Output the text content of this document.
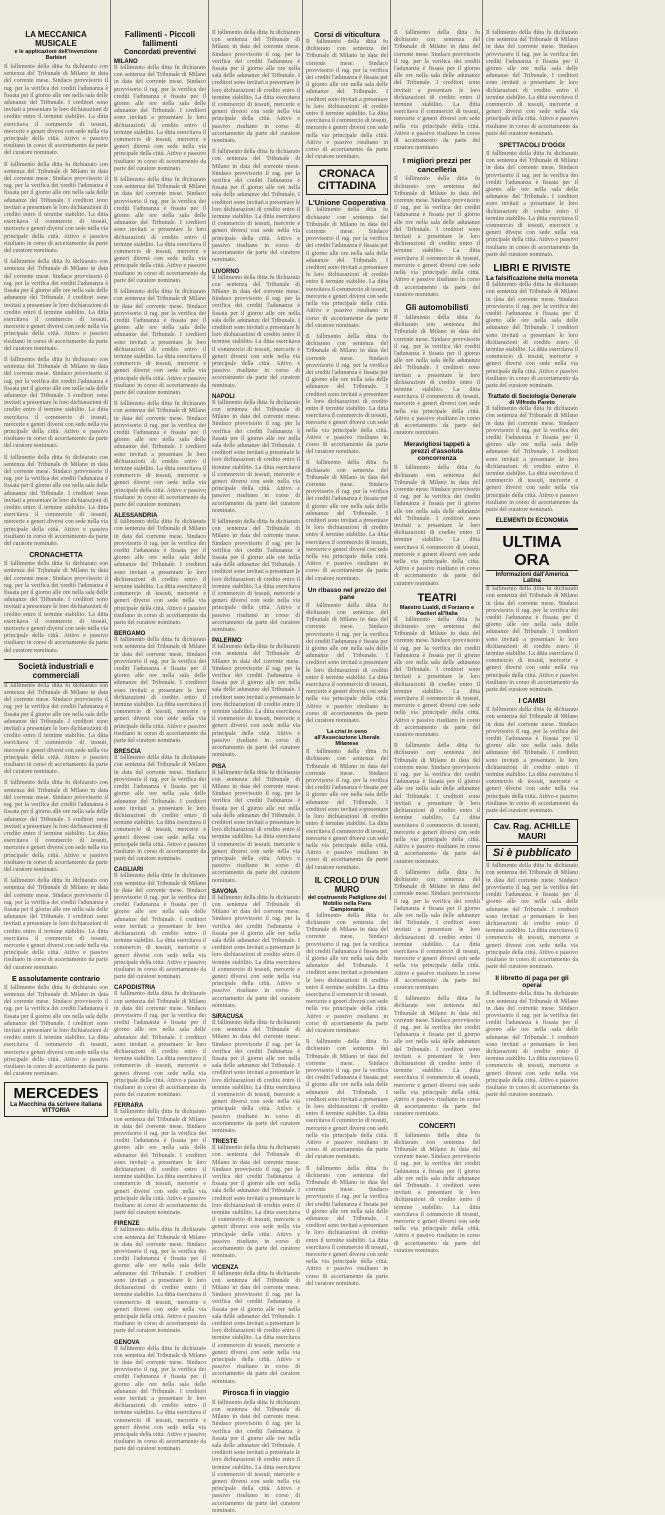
LA MECCANICA MUSICALE
e le applicazioni dell'invenzione Barbieri

Il fallimento della ditta fu dichiarato con sentenza del Tribunale di Milano in data del corrente mese. Sindaco provvisorio il rag. per la verifica dei crediti l'adunanza è fissata per il giorno alle ore nella sala delle adunanze del Tribunale. I creditori sono invitati a presentare le loro dichiarazioni di credito entro il termine stabilito. La ditta esercitava il commercio di tessuti, mercerie e generi diversi con sede nella via principale della città. Attivo e passivo risultano in corso di accertamento da parte del curatore nominato.

Il fallimento della ditta fu dichiarato con sentenza del Tribunale di Milano in data del corrente mese. Sindaco provvisorio il rag. per la verifica dei crediti l'adunanza è fissata per il giorno alle ore nella sala delle adunanze del Tribunale. I creditori sono invitati a presentare le loro dichiarazioni di credito entro il termine stabilito. La ditta esercitava il commercio di tessuti, mercerie e generi diversi con sede nella via principale della città. Attivo e passivo risultano in corso di accertamento da parte del curatore nominato.

Il fallimento della ditta fu dichiarato con sentenza del Tribunale di Milano in data del corrente mese. Sindaco provvisorio il rag. per la verifica dei crediti l'adunanza è fissata per il giorno alle ore nella sala delle adunanze del Tribunale. I creditori sono invitati a presentare le loro dichiarazioni di credito entro il termine stabilito. La ditta esercitava il commercio di tessuti, mercerie e generi diversi con sede nella via principale della città. Attivo e passivo risultano in corso di accertamento da parte del curatore nominato.

Il fallimento della ditta fu dichiarato con sentenza del Tribunale di Milano in data del corrente mese. Sindaco provvisorio il rag. per la verifica dei crediti l'adunanza è fissata per il giorno alle ore nella sala delle adunanze del Tribunale. I creditori sono invitati a presentare le loro dichiarazioni di credito entro il termine stabilito. La ditta esercitava il commercio di tessuti, mercerie e generi diversi con sede nella via principale della città. Attivo e passivo risultano in corso di accertamento da parte del curatore nominato.

Il fallimento della ditta fu dichiarato con sentenza del Tribunale di Milano in data del corrente mese. Sindaco provvisorio il rag. per la verifica dei crediti l'adunanza è fissata per il giorno alle ore nella sala delle adunanze del Tribunale. I creditori sono invitati a presentare le loro dichiarazioni di credito entro il termine stabilito. La ditta esercitava il commercio di tessuti, mercerie e generi diversi con sede nella via principale della città. Attivo e passivo risultano in corso di accertamento da parte del curatore nominato.

CRONACHETTA

Il fallimento della ditta fu dichiarato con sentenza del Tribunale di Milano in data del corrente mese. Sindaco provvisorio il rag. per la verifica dei crediti l'adunanza è fissata per il giorno alle ore nella sala delle adunanze del Tribunale. I creditori sono invitati a presentare le loro dichiarazioni di credito entro il termine stabilito. La ditta esercitava il commercio di tessuti, mercerie e generi diversi con sede nella via principale della città. Attivo e passivo risultano in corso di accertamento da parte del curatore nominato.

Società industriali e commerciali

Il fallimento della ditta fu dichiarato con sentenza del Tribunale di Milano in data del corrente mese. Sindaco provvisorio il rag. per la verifica dei crediti l'adunanza è fissata per il giorno alle ore nella sala delle adunanze del Tribunale. I creditori sono invitati a presentare le loro dichiarazioni di credito entro il termine stabilito. La ditta esercitava il commercio di tessuti, mercerie e generi diversi con sede nella via principale della città. Attivo e passivo risultano in corso di accertamento da parte del curatore nominato.

Il fallimento della ditta fu dichiarato con sentenza del Tribunale di Milano in data del corrente mese. Sindaco provvisorio il rag. per la verifica dei crediti l'adunanza è fissata per il giorno alle ore nella sala delle adunanze del Tribunale. I creditori sono invitati a presentare le loro dichiarazioni di credito entro il termine stabilito. La ditta esercitava il commercio di tessuti, mercerie e generi diversi con sede nella via principale della città. Attivo e passivo risultano in corso di accertamento da parte del curatore nominato.

Il fallimento della ditta fu dichiarato con sentenza del Tribunale di Milano in data del corrente mese. Sindaco provvisorio il rag. per la verifica dei crediti l'adunanza è fissata per il giorno alle ore nella sala delle adunanze del Tribunale. I creditori sono invitati a presentare le loro dichiarazioni di credito entro il termine stabilito. La ditta esercitava il commercio di tessuti, mercerie e generi diversi con sede nella via principale della città. Attivo e passivo risultano in corso di accertamento da parte del curatore nominato.

E assolutamente contrario

Il fallimento della ditta fu dichiarato con sentenza del Tribunale di Milano in data del corrente mese. Sindaco provvisorio il rag. per la verifica dei crediti l'adunanza è fissata per il giorno alle ore nella sala delle adunanze del Tribunale. I creditori sono invitati a presentare le loro dichiarazioni di credito entro il termine stabilito. La ditta esercitava il commercio di tessuti, mercerie e generi diversi con sede nella via principale della città. Attivo e passivo risultano in corso di accertamento da parte del curatore nominato.

MERCEDES
La Macchina da scrivere italiana
VITTORIA
Fallimenti - Piccoli fallimenti
Concordati preventivi
MILANO

Il fallimento della ditta fu dichiarato con sentenza del Tribunale di Milano in data del corrente mese. Sindaco provvisorio il rag. per la verifica dei crediti l'adunanza è fissata per il giorno alle ore nella sala delle adunanze del Tribunale. I creditori sono invitati a presentare le loro dichiarazioni di credito entro il termine stabilito. La ditta esercitava il commercio di tessuti, mercerie e generi diversi con sede nella via principale della città. Attivo e passivo risultano in corso di accertamento da parte del curatore nominato.

Il fallimento della ditta fu dichiarato con sentenza del Tribunale di Milano in data del corrente mese. Sindaco provvisorio il rag. per la verifica dei crediti l'adunanza è fissata per il giorno alle ore nella sala delle adunanze del Tribunale. I creditori sono invitati a presentare le loro dichiarazioni di credito entro il termine stabilito. La ditta esercitava il commercio di tessuti, mercerie e generi diversi con sede nella via principale della città. Attivo e passivo risultano in corso di accertamento da parte del curatore nominato.

Il fallimento della ditta fu dichiarato con sentenza del Tribunale di Milano in data del corrente mese. Sindaco provvisorio il rag. per la verifica dei crediti l'adunanza è fissata per il giorno alle ore nella sala delle adunanze del Tribunale. I creditori sono invitati a presentare le loro dichiarazioni di credito entro il termine stabilito. La ditta esercitava il commercio di tessuti, mercerie e generi diversi con sede nella via principale della città. Attivo e passivo risultano in corso di accertamento da parte del curatore nominato.

Il fallimento della ditta fu dichiarato con sentenza del Tribunale di Milano in data del corrente mese. Sindaco provvisorio il rag. per la verifica dei crediti l'adunanza è fissata per il giorno alle ore nella sala delle adunanze del Tribunale. I creditori sono invitati a presentare le loro dichiarazioni di credito entro il termine stabilito. La ditta esercitava il commercio di tessuti, mercerie e generi diversi con sede nella via principale della città. Attivo e passivo risultano in corso di accertamento da parte del curatore nominato.

ALESSANDRIA

Il fallimento della ditta fu dichiarato con sentenza del Tribunale di Milano in data del corrente mese. Sindaco provvisorio il rag. per la verifica dei crediti l'adunanza è fissata per il giorno alle ore nella sala delle adunanze del Tribunale. I creditori sono invitati a presentare le loro dichiarazioni di credito entro il termine stabilito. La ditta esercitava il commercio di tessuti, mercerie e generi diversi con sede nella via principale della città. Attivo e passivo risultano in corso di accertamento da parte del curatore nominato.

BERGAMO

Il fallimento della ditta fu dichiarato con sentenza del Tribunale di Milano in data del corrente mese. Sindaco provvisorio il rag. per la verifica dei crediti l'adunanza è fissata per il giorno alle ore nella sala delle adunanze del Tribunale. I creditori sono invitati a presentare le loro dichiarazioni di credito entro il termine stabilito. La ditta esercitava il commercio di tessuti, mercerie e generi diversi con sede nella via principale della città. Attivo e passivo risultano in corso di accertamento da parte del curatore nominato.

BRESCIA

Il fallimento della ditta fu dichiarato con sentenza del Tribunale di Milano in data del corrente mese. Sindaco provvisorio il rag. per la verifica dei crediti l'adunanza è fissata per il giorno alle ore nella sala delle adunanze del Tribunale. I creditori sono invitati a presentare le loro dichiarazioni di credito entro il termine stabilito. La ditta esercitava il commercio di tessuti, mercerie e generi diversi con sede nella via principale della città. Attivo e passivo risultano in corso di accertamento da parte del curatore nominato.

CAGLIARI

Il fallimento della ditta fu dichiarato con sentenza del Tribunale di Milano in data del corrente mese. Sindaco provvisorio il rag. per la verifica dei crediti l'adunanza è fissata per il giorno alle ore nella sala delle adunanze del Tribunale. I creditori sono invitati a presentare le loro dichiarazioni di credito entro il termine stabilito. La ditta esercitava il commercio di tessuti, mercerie e generi diversi con sede nella via principale della città. Attivo e passivo risultano in corso di accertamento da parte del curatore nominato.

CAPODISTRIA

Il fallimento della ditta fu dichiarato con sentenza del Tribunale di Milano in data del corrente mese. Sindaco provvisorio il rag. per la verifica dei crediti l'adunanza è fissata per il giorno alle ore nella sala delle adunanze del Tribunale. I creditori sono invitati a presentare le loro dichiarazioni di credito entro il termine stabilito. La ditta esercitava il commercio di tessuti, mercerie e generi diversi con sede nella via principale della città. Attivo e passivo risultano in corso di accertamento da parte del curatore nominato.

FERRARA

Il fallimento della ditta fu dichiarato con sentenza del Tribunale di Milano in data del corrente mese. Sindaco provvisorio il rag. per la verifica dei crediti l'adunanza è fissata per il giorno alle ore nella sala delle adunanze del Tribunale. I creditori sono invitati a presentare le loro dichiarazioni di credito entro il termine stabilito. La ditta esercitava il commercio di tessuti, mercerie e generi diversi con sede nella via principale della città. Attivo e passivo risultano in corso di accertamento da parte del curatore nominato.

FIRENZE

Il fallimento della ditta fu dichiarato con sentenza del Tribunale di Milano in data del corrente mese. Sindaco provvisorio il rag. per la verifica dei crediti l'adunanza è fissata per il giorno alle ore nella sala delle adunanze del Tribunale. I creditori sono invitati a presentare le loro dichiarazioni di credito entro il termine stabilito. La ditta esercitava il commercio di tessuti, mercerie e generi diversi con sede nella via principale della città. Attivo e passivo risultano in corso di accertamento da parte del curatore nominato.

GENOVA

Il fallimento della ditta fu dichiarato con sentenza del Tribunale di Milano in data del corrente mese. Sindaco provvisorio il rag. per la verifica dei crediti l'adunanza è fissata per il giorno alle ore nella sala delle adunanze del Tribunale. I creditori sono invitati a presentare le loro dichiarazioni di credito entro il termine stabilito. La ditta esercitava il commercio di tessuti, mercerie e generi diversi con sede nella via principale della città. Attivo e passivo risultano in corso di accertamento da parte del curatore nominato.

Il fallimento della ditta fu dichiarato con sentenza del Tribunale di Milano in data del corrente mese. Sindaco provvisorio il rag. per la verifica dei crediti l'adunanza è fissata per il giorno alle ore nella sala delle adunanze del Tribunale. I creditori sono invitati a presentare le loro dichiarazioni di credito entro il termine stabilito. La ditta esercitava il commercio di tessuti, mercerie e generi diversi con sede nella via principale della città. Attivo e passivo risultano in corso di accertamento da parte del curatore nominato.

Il fallimento della ditta fu dichiarato con sentenza del Tribunale di Milano in data del corrente mese. Sindaco provvisorio il rag. per la verifica dei crediti l'adunanza è fissata per il giorno alle ore nella sala delle adunanze del Tribunale. I creditori sono invitati a presentare le loro dichiarazioni di credito entro il termine stabilito. La ditta esercitava il commercio di tessuti, mercerie e generi diversi con sede nella via principale della città. Attivo e passivo risultano in corso di accertamento da parte del curatore nominato.

LIVORNO

Il fallimento della ditta fu dichiarato con sentenza del Tribunale di Milano in data del corrente mese. Sindaco provvisorio il rag. per la verifica dei crediti l'adunanza è fissata per il giorno alle ore nella sala delle adunanze del Tribunale. I creditori sono invitati a presentare le loro dichiarazioni di credito entro il termine stabilito. La ditta esercitava il commercio di tessuti, mercerie e generi diversi con sede nella via principale della città. Attivo e passivo risultano in corso di accertamento da parte del curatore nominato.

NAPOLI

Il fallimento della ditta fu dichiarato con sentenza del Tribunale di Milano in data del corrente mese. Sindaco provvisorio il rag. per la verifica dei crediti l'adunanza è fissata per il giorno alle ore nella sala delle adunanze del Tribunale. I creditori sono invitati a presentare le loro dichiarazioni di credito entro il termine stabilito. La ditta esercitava il commercio di tessuti, mercerie e generi diversi con sede nella via principale della città. Attivo e passivo risultano in corso di accertamento da parte del curatore nominato.

Il fallimento della ditta fu dichiarato con sentenza del Tribunale di Milano in data del corrente mese. Sindaco provvisorio il rag. per la verifica dei crediti l'adunanza è fissata per il giorno alle ore nella sala delle adunanze del Tribunale. I creditori sono invitati a presentare le loro dichiarazioni di credito entro il termine stabilito. La ditta esercitava il commercio di tessuti, mercerie e generi diversi con sede nella via principale della città. Attivo e passivo risultano in corso di accertamento da parte del curatore nominato.

PALERMO

Il fallimento della ditta fu dichiarato con sentenza del Tribunale di Milano in data del corrente mese. Sindaco provvisorio il rag. per la verifica dei crediti l'adunanza è fissata per il giorno alle ore nella sala delle adunanze del Tribunale. I creditori sono invitati a presentare le loro dichiarazioni di credito entro il termine stabilito. La ditta esercitava il commercio di tessuti, mercerie e generi diversi con sede nella via principale della città. Attivo e passivo risultano in corso di accertamento da parte del curatore nominato.

PISA

Il fallimento della ditta fu dichiarato con sentenza del Tribunale di Milano in data del corrente mese. Sindaco provvisorio il rag. per la verifica dei crediti l'adunanza è fissata per il giorno alle ore nella sala delle adunanze del Tribunale. I creditori sono invitati a presentare le loro dichiarazioni di credito entro il termine stabilito. La ditta esercitava il commercio di tessuti, mercerie e generi diversi con sede nella via principale della città. Attivo e passivo risultano in corso di accertamento da parte del curatore nominato.

SAVONA

Il fallimento della ditta fu dichiarato con sentenza del Tribunale di Milano in data del corrente mese. Sindaco provvisorio il rag. per la verifica dei crediti l'adunanza è fissata per il giorno alle ore nella sala delle adunanze del Tribunale. I creditori sono invitati a presentare le loro dichiarazioni di credito entro il termine stabilito. La ditta esercitava il commercio di tessuti, mercerie e generi diversi con sede nella via principale della città. Attivo e passivo risultano in corso di accertamento da parte del curatore nominato.

SIRACUSA

Il fallimento della ditta fu dichiarato con sentenza del Tribunale di Milano in data del corrente mese. Sindaco provvisorio il rag. per la verifica dei crediti l'adunanza è fissata per il giorno alle ore nella sala delle adunanze del Tribunale. I creditori sono invitati a presentare le loro dichiarazioni di credito entro il termine stabilito. La ditta esercitava il commercio di tessuti, mercerie e generi diversi con sede nella via principale della città. Attivo e passivo risultano in corso di accertamento da parte del curatore nominato.

TRIESTE

Il fallimento della ditta fu dichiarato con sentenza del Tribunale di Milano in data del corrente mese. Sindaco provvisorio il rag. per la verifica dei crediti l'adunanza è fissata per il giorno alle ore nella sala delle adunanze del Tribunale. I creditori sono invitati a presentare le loro dichiarazioni di credito entro il termine stabilito. La ditta esercitava il commercio di tessuti, mercerie e generi diversi con sede nella via principale della città. Attivo e passivo risultano in corso di accertamento da parte del curatore nominato.

VICENZA

Il fallimento della ditta fu dichiarato con sentenza del Tribunale di Milano in data del corrente mese. Sindaco provvisorio il rag. per la verifica dei crediti l'adunanza è fissata per il giorno alle ore nella sala delle adunanze del Tribunale. I creditori sono invitati a presentare le loro dichiarazioni di credito entro il termine stabilito. La ditta esercitava il commercio di tessuti, mercerie e generi diversi con sede nella via principale della città. Attivo e passivo risultano in corso di accertamento da parte del curatore nominato.

Pirosca fi in viaggio

Il fallimento della ditta fu dichiarato con sentenza del Tribunale di Milano in data del corrente mese. Sindaco provvisorio il rag. per la verifica dei crediti l'adunanza è fissata per il giorno alle ore nella sala delle adunanze del Tribunale. I creditori sono invitati a presentare le loro dichiarazioni di credito entro il termine stabilito. La ditta esercitava il commercio di tessuti, mercerie e generi diversi con sede nella via principale della città. Attivo e passivo risultano in corso di accertamento da parte del curatore nominato.

Corsi di viticultura

Il fallimento della ditta fu dichiarato con sentenza del Tribunale di Milano in data del corrente mese. Sindaco provvisorio il rag. per la verifica dei crediti l'adunanza è fissata per il giorno alle ore nella sala delle adunanze del Tribunale. I creditori sono invitati a presentare le loro dichiarazioni di credito entro il termine stabilito. La ditta esercitava il commercio di tessuti, mercerie e generi diversi con sede nella via principale della città. Attivo e passivo risultano in corso di accertamento da parte del curatore nominato.

CRONACA CITTADINA
L'Unione Cooperativa

Il fallimento della ditta fu dichiarato con sentenza del Tribunale di Milano in data del corrente mese. Sindaco provvisorio il rag. per la verifica dei crediti l'adunanza è fissata per il giorno alle ore nella sala delle adunanze del Tribunale. I creditori sono invitati a presentare le loro dichiarazioni di credito entro il termine stabilito. La ditta esercitava il commercio di tessuti, mercerie e generi diversi con sede nella via principale della città. Attivo e passivo risultano in corso di accertamento da parte del curatore nominato.

Il fallimento della ditta fu dichiarato con sentenza del Tribunale di Milano in data del corrente mese. Sindaco provvisorio il rag. per la verifica dei crediti l'adunanza è fissata per il giorno alle ore nella sala delle adunanze del Tribunale. I creditori sono invitati a presentare le loro dichiarazioni di credito entro il termine stabilito. La ditta esercitava il commercio di tessuti, mercerie e generi diversi con sede nella via principale della città. Attivo e passivo risultano in corso di accertamento da parte del curatore nominato.

Il fallimento della ditta fu dichiarato con sentenza del Tribunale di Milano in data del corrente mese. Sindaco provvisorio il rag. per la verifica dei crediti l'adunanza è fissata per il giorno alle ore nella sala delle adunanze del Tribunale. I creditori sono invitati a presentare le loro dichiarazioni di credito entro il termine stabilito. La ditta esercitava il commercio di tessuti, mercerie e generi diversi con sede nella via principale della città. Attivo e passivo risultano in corso di accertamento da parte del curatore nominato.

Un ribasso nel prezzo del pane

Il fallimento della ditta fu dichiarato con sentenza del Tribunale di Milano in data del corrente mese. Sindaco provvisorio il rag. per la verifica dei crediti l'adunanza è fissata per il giorno alle ore nella sala delle adunanze del Tribunale. I creditori sono invitati a presentare le loro dichiarazioni di credito entro il termine stabilito. La ditta esercitava il commercio di tessuti, mercerie e generi diversi con sede nella via principale della città. Attivo e passivo risultano in corso di accertamento da parte del curatore nominato.

La crisi in seno all'Associazione Liberale Milanese

Il fallimento della ditta fu dichiarato con sentenza del Tribunale di Milano in data del corrente mese. Sindaco provvisorio il rag. per la verifica dei crediti l'adunanza è fissata per il giorno alle ore nella sala delle adunanze del Tribunale. I creditori sono invitati a presentare le loro dichiarazioni di credito entro il termine stabilito. La ditta esercitava il commercio di tessuti, mercerie e generi diversi con sede nella via principale della città. Attivo e passivo risultano in corso di accertamento da parte del curatore nominato.

IL CROLLO D'UN MURO
del costruendo Padiglione del Mobilio nella Fiera Campionaria

Il fallimento della ditta fu dichiarato con sentenza del Tribunale di Milano in data del corrente mese. Sindaco provvisorio il rag. per la verifica dei crediti l'adunanza è fissata per il giorno alle ore nella sala delle adunanze del Tribunale. I creditori sono invitati a presentare le loro dichiarazioni di credito entro il termine stabilito. La ditta esercitava il commercio di tessuti, mercerie e generi diversi con sede nella via principale della città. Attivo e passivo risultano in corso di accertamento da parte del curatore nominato.

Il fallimento della ditta fu dichiarato con sentenza del Tribunale di Milano in data del corrente mese. Sindaco provvisorio il rag. per la verifica dei crediti l'adunanza è fissata per il giorno alle ore nella sala delle adunanze del Tribunale. I creditori sono invitati a presentare le loro dichiarazioni di credito entro il termine stabilito. La ditta esercitava il commercio di tessuti, mercerie e generi diversi con sede nella via principale della città. Attivo e passivo risultano in corso di accertamento da parte del curatore nominato.

Il fallimento della ditta fu dichiarato con sentenza del Tribunale di Milano in data del corrente mese. Sindaco provvisorio il rag. per la verifica dei crediti l'adunanza è fissata per il giorno alle ore nella sala delle adunanze del Tribunale. I creditori sono invitati a presentare le loro dichiarazioni di credito entro il termine stabilito. La ditta esercitava il commercio di tessuti, mercerie e generi diversi con sede nella via principale della città. Attivo e passivo risultano in corso di accertamento da parte del curatore nominato.

Il fallimento della ditta fu dichiarato con sentenza del Tribunale di Milano in data del corrente mese. Sindaco provvisorio il rag. per la verifica dei crediti l'adunanza è fissata per il giorno alle ore nella sala delle adunanze del Tribunale. I creditori sono invitati a presentare le loro dichiarazioni di credito entro il termine stabilito. La ditta esercitava il commercio di tessuti, mercerie e generi diversi con sede nella via principale della città. Attivo e passivo risultano in corso di accertamento da parte del curatore nominato.

I migliori prezzi per cancelleria

Il fallimento della ditta fu dichiarato con sentenza del Tribunale di Milano in data del corrente mese. Sindaco provvisorio il rag. per la verifica dei crediti l'adunanza è fissata per il giorno alle ore nella sala delle adunanze del Tribunale. I creditori sono invitati a presentare le loro dichiarazioni di credito entro il termine stabilito. La ditta esercitava il commercio di tessuti, mercerie e generi diversi con sede nella via principale della città. Attivo e passivo risultano in corso di accertamento da parte del curatore nominato.

Gli automobilisti

Il fallimento della ditta fu dichiarato con sentenza del Tribunale di Milano in data del corrente mese. Sindaco provvisorio il rag. per la verifica dei crediti l'adunanza è fissata per il giorno alle ore nella sala delle adunanze del Tribunale. I creditori sono invitati a presentare le loro dichiarazioni di credito entro il termine stabilito. La ditta esercitava il commercio di tessuti, mercerie e generi diversi con sede nella via principale della città. Attivo e passivo risultano in corso di accertamento da parte del curatore nominato.

Meravigliosi tappeti a prezzi d'assoluta concorrenza

Il fallimento della ditta fu dichiarato con sentenza del Tribunale di Milano in data del corrente mese. Sindaco provvisorio il rag. per la verifica dei crediti l'adunanza è fissata per il giorno alle ore nella sala delle adunanze del Tribunale. I creditori sono invitati a presentare le loro dichiarazioni di credito entro il termine stabilito. La ditta esercitava il commercio di tessuti, mercerie e generi diversi con sede nella via principale della città. Attivo e passivo risultano in corso di accertamento da parte del curatore nominato.

TEATRI
Maestro Lualdi, di Forzano e Paolieri all'Italia

Il fallimento della ditta fu dichiarato con sentenza del Tribunale di Milano in data del corrente mese. Sindaco provvisorio il rag. per la verifica dei crediti l'adunanza è fissata per il giorno alle ore nella sala delle adunanze del Tribunale. I creditori sono invitati a presentare le loro dichiarazioni di credito entro il termine stabilito. La ditta esercitava il commercio di tessuti, mercerie e generi diversi con sede nella via principale della città. Attivo e passivo risultano in corso di accertamento da parte del curatore nominato.

Il fallimento della ditta fu dichiarato con sentenza del Tribunale di Milano in data del corrente mese. Sindaco provvisorio il rag. per la verifica dei crediti l'adunanza è fissata per il giorno alle ore nella sala delle adunanze del Tribunale. I creditori sono invitati a presentare le loro dichiarazioni di credito entro il termine stabilito. La ditta esercitava il commercio di tessuti, mercerie e generi diversi con sede nella via principale della città. Attivo e passivo risultano in corso di accertamento da parte del curatore nominato.

Il fallimento della ditta fu dichiarato con sentenza del Tribunale di Milano in data del corrente mese. Sindaco provvisorio il rag. per la verifica dei crediti l'adunanza è fissata per il giorno alle ore nella sala delle adunanze del Tribunale. I creditori sono invitati a presentare le loro dichiarazioni di credito entro il termine stabilito. La ditta esercitava il commercio di tessuti, mercerie e generi diversi con sede nella via principale della città. Attivo e passivo risultano in corso di accertamento da parte del curatore nominato.

Il fallimento della ditta fu dichiarato con sentenza del Tribunale di Milano in data del corrente mese. Sindaco provvisorio il rag. per la verifica dei crediti l'adunanza è fissata per il giorno alle ore nella sala delle adunanze del Tribunale. I creditori sono invitati a presentare le loro dichiarazioni di credito entro il termine stabilito. La ditta esercitava il commercio di tessuti, mercerie e generi diversi con sede nella via principale della città. Attivo e passivo risultano in corso di accertamento da parte del curatore nominato.

CONCERTI

Il fallimento della ditta fu dichiarato con sentenza del Tribunale di Milano in data del corrente mese. Sindaco provvisorio il rag. per la verifica dei crediti l'adunanza è fissata per il giorno alle ore nella sala delle adunanze del Tribunale. I creditori sono invitati a presentare le loro dichiarazioni di credito entro il termine stabilito. La ditta esercitava il commercio di tessuti, mercerie e generi diversi con sede nella via principale della città. Attivo e passivo risultano in corso di accertamento da parte del curatore nominato.

Il fallimento della ditta fu dichiarato con sentenza del Tribunale di Milano in data del corrente mese. Sindaco provvisorio il rag. per la verifica dei crediti l'adunanza è fissata per il giorno alle ore nella sala delle adunanze del Tribunale. I creditori sono invitati a presentare le loro dichiarazioni di credito entro il termine stabilito. La ditta esercitava il commercio di tessuti, mercerie e generi diversi con sede nella via principale della città. Attivo e passivo risultano in corso di accertamento da parte del curatore nominato.

SPETTACOLI D'OGGI

Il fallimento della ditta fu dichiarato con sentenza del Tribunale di Milano in data del corrente mese. Sindaco provvisorio il rag. per la verifica dei crediti l'adunanza è fissata per il giorno alle ore nella sala delle adunanze del Tribunale. I creditori sono invitati a presentare le loro dichiarazioni di credito entro il termine stabilito. La ditta esercitava il commercio di tessuti, mercerie e generi diversi con sede nella via principale della città. Attivo e passivo risultano in corso di accertamento da parte del curatore nominato.

LIBRI E RIVISTE
La falsificazione della moneta

Il fallimento della ditta fu dichiarato con sentenza del Tribunale di Milano in data del corrente mese. Sindaco provvisorio il rag. per la verifica dei crediti l'adunanza è fissata per il giorno alle ore nella sala delle adunanze del Tribunale. I creditori sono invitati a presentare le loro dichiarazioni di credito entro il termine stabilito. La ditta esercitava il commercio di tessuti, mercerie e generi diversi con sede nella via principale della città. Attivo e passivo risultano in corso di accertamento da parte del curatore nominato.

Trattato di Sociologia Generale
di Vilfredo Pareto

Il fallimento della ditta fu dichiarato con sentenza del Tribunale di Milano in data del corrente mese. Sindaco provvisorio il rag. per la verifica dei crediti l'adunanza è fissata per il giorno alle ore nella sala delle adunanze del Tribunale. I creditori sono invitati a presentare le loro dichiarazioni di credito entro il termine stabilito. La ditta esercitava il commercio di tessuti, mercerie e generi diversi con sede nella via principale della città. Attivo e passivo risultano in corso di accertamento da parte del curatore nominato.

ELEMENTI DI ECONOMIA
ULTIMA ORA
Informazioni dall'America Latina

Il fallimento della ditta fu dichiarato con sentenza del Tribunale di Milano in data del corrente mese. Sindaco provvisorio il rag. per la verifica dei crediti l'adunanza è fissata per il giorno alle ore nella sala delle adunanze del Tribunale. I creditori sono invitati a presentare le loro dichiarazioni di credito entro il termine stabilito. La ditta esercitava il commercio di tessuti, mercerie e generi diversi con sede nella via principale della città. Attivo e passivo risultano in corso di accertamento da parte del curatore nominato.

I CAMBI

Il fallimento della ditta fu dichiarato con sentenza del Tribunale di Milano in data del corrente mese. Sindaco provvisorio il rag. per la verifica dei crediti l'adunanza è fissata per il giorno alle ore nella sala delle adunanze del Tribunale. I creditori sono invitati a presentare le loro dichiarazioni di credito entro il termine stabilito. La ditta esercitava il commercio di tessuti, mercerie e generi diversi con sede nella via principale della città. Attivo e passivo risultano in corso di accertamento da parte del curatore nominato.

Cav. Rag. ACHILLE MAURI
Si è pubblicato

Il fallimento della ditta fu dichiarato con sentenza del Tribunale di Milano in data del corrente mese. Sindaco provvisorio il rag. per la verifica dei crediti l'adunanza è fissata per il giorno alle ore nella sala delle adunanze del Tribunale. I creditori sono invitati a presentare le loro dichiarazioni di credito entro il termine stabilito. La ditta esercitava il commercio di tessuti, mercerie e generi diversi con sede nella via principale della città. Attivo e passivo risultano in corso di accertamento da parte del curatore nominato.

Il libretto di paga per gli operai

Il fallimento della ditta fu dichiarato con sentenza del Tribunale di Milano in data del corrente mese. Sindaco provvisorio il rag. per la verifica dei crediti l'adunanza è fissata per il giorno alle ore nella sala delle adunanze del Tribunale. I creditori sono invitati a presentare le loro dichiarazioni di credito entro il termine stabilito. La ditta esercitava il commercio di tessuti, mercerie e generi diversi con sede nella via principale della città. Attivo e passivo risultano in corso di accertamento da parte del curatore nominato.
